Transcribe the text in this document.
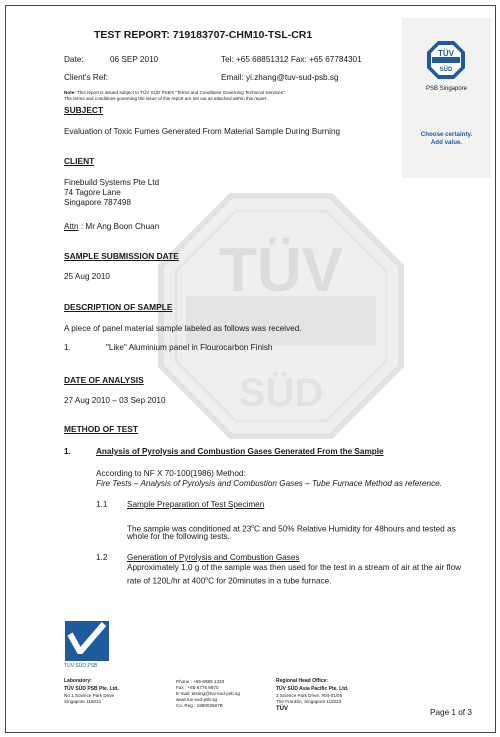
TÜV
SÜD
TÜV
SÜD
PSB Singapore
Choose certainty.
Add value.
TEST REPORT: 719183707-CHM10-TSL-CR1
Date:	06 SEP 2010	Tel: +65 68851312 Fax: +65 67784301
Client's Ref:	Email: yi.zhang@tuv-sud-psb.sg
Note: This report is issued subject to TÜV SÜD PSB's "Terms and Conditions Governing Technical Services".
The terms and conditions governing the issue of this report are set out as attached within this report.
SUBJECT
Evaluation of Toxic Fumes Generated From Material Sample During Burning
CLIENT
Finebuild Systems Pte Ltd
74 Tagore Lane
Singapore 787498
Attn : Mr Ang Boon Chuan
SAMPLE SUBMISSION DATE
25 Aug 2010
DESCRIPTION OF SAMPLE
A piece of panel material sample labeled as follows was received.
1.	"Like" Aluminium panel in Flourocarbon Finish
DATE OF ANALYSIS
27 Aug 2010 – 03 Sep 2010
METHOD OF TEST
1.	Analysis of Pyrolysis and Combustion Gases Generated From the Sample
According to NF X 70-100(1986) Method:
Fire Tests – Analysis of Pyrolysis and Combustion Gases – Tube Furnace Method as reference.
1.1 Sample Preparation of Test Specimen
The sample was conditioned at 23$^o$C and 50% Relative Humidity for 48hours and tested as
whole for the following tests.
1.2 Generation of Pyrolysis and Combustion Gases
Approximately 1.0 g of the sample was then used for the test in a stream of air at the air flow
rate of 120L/hr at 400$^o$C for 20minutes in a tube furnace.
TÜV SÜD PSB
Laboratory:
TÜV SÜD PSB Pte. Ltd.
No.1 Science Park Drive
Singapore 118221
Phone : +65-6885 1333
Fax : +65-6776 8670
E-mail: testing@tuv-sud-psb.sg
www.tuv-sud-psb.sg
Co. Reg : 199002667R
Regional Head Office:
TÜV SÜD Asia Pacific Pte. Ltd.
3 Science Park Drive, #04-01/05
The Franklin, Singapore 118223
TÜV	Page 1 of 3
